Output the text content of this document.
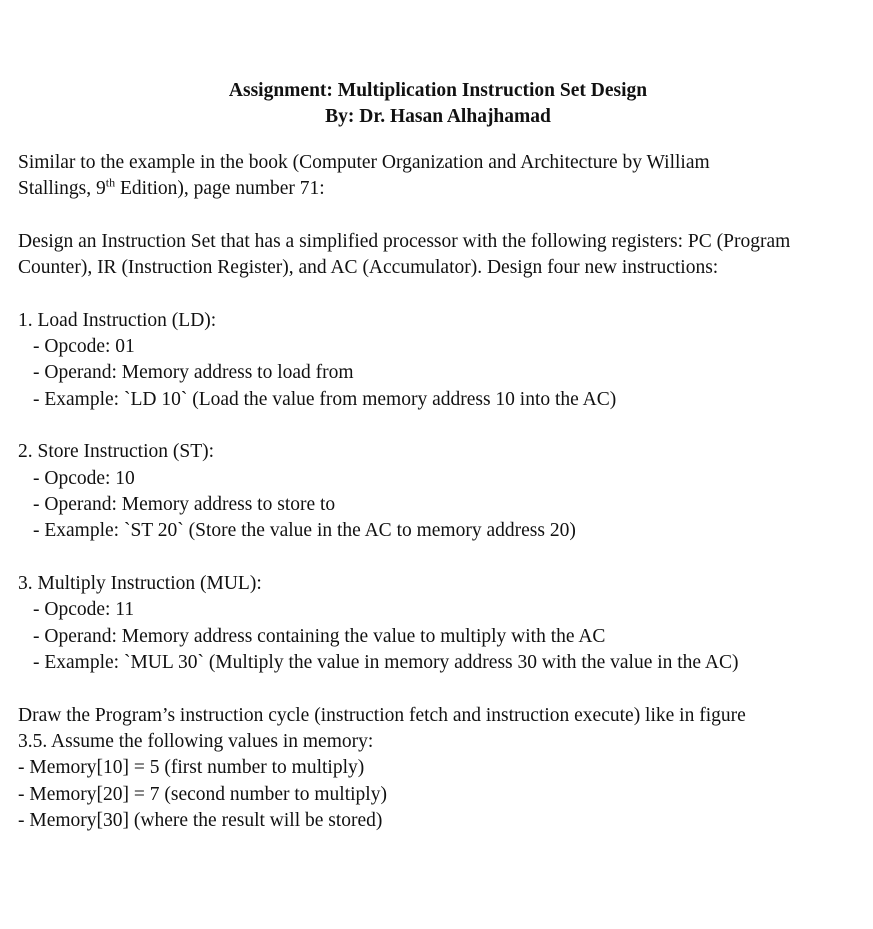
Assignment: Multiplication Instruction Set Design
By: Dr. Hasan Alhajhamad
Similar to the example in the book (Computer Organization and Architecture by William
Stallings, 9th Edition), page number 71:
Design an Instruction Set that has a simplified processor with the following registers: PC (Program
Counter), IR (Instruction Register), and AC (Accumulator). Design four new instructions:
1. Load Instruction (LD):
- Opcode: 01
- Operand: Memory address to load from
- Example: `LD 10` (Load the value from memory address 10 into the AC)
2. Store Instruction (ST):
- Opcode: 10
- Operand: Memory address to store to
- Example: `ST 20` (Store the value in the AC to memory address 20)
3. Multiply Instruction (MUL):
- Opcode: 11
- Operand: Memory address containing the value to multiply with the AC
- Example: `MUL 30` (Multiply the value in memory address 30 with the value in the AC)
Draw the Program’s instruction cycle (instruction fetch and instruction execute) like in figure
3.5. Assume the following values in memory:
- Memory[10] = 5 (first number to multiply)
- Memory[20] = 7 (second number to multiply)
- Memory[30] (where the result will be stored)
